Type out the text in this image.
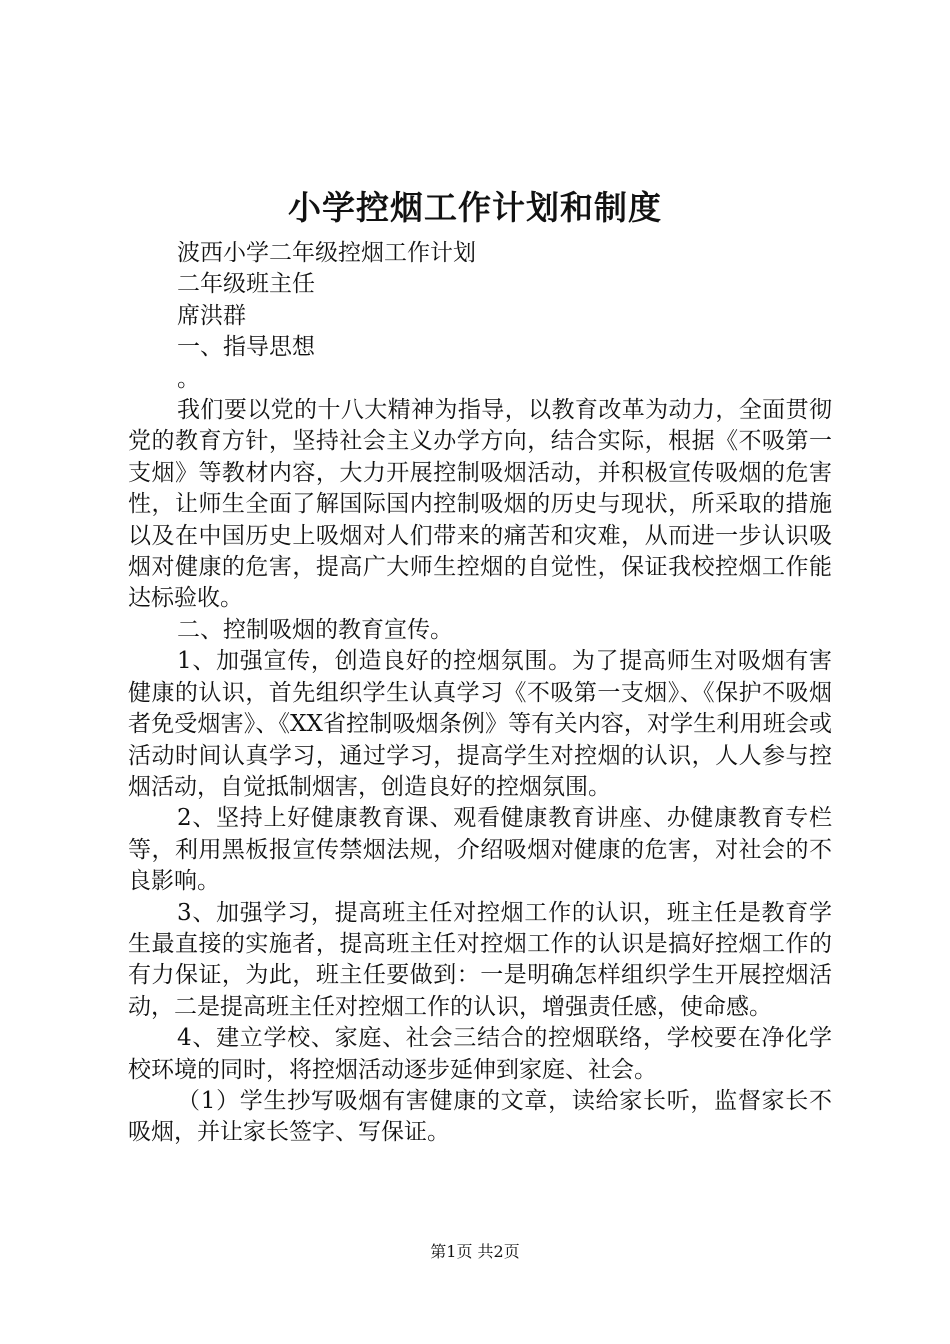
小学控烟工作计划和制度

波西小学二年级控烟工作计划

二年级班主任

席洪群

一、指导思想

。

我们要以党的十八大精神为指导，以教育改革为动力，全面贯彻党的教育方针，坚持社会主义办学方向，结合实际，根据《不吸第一支烟》等教材内容，大力开展控制吸烟活动，并积极宣传吸烟的危害性，让师生全面了解国际国内控制吸烟的历史与现状，所采取的措施以及在中国历史上吸烟对人们带来的痛苦和灾难，从而进一步认识吸烟对健康的危害，提高广大师生控烟的自觉性，保证我校控烟工作能达标验收。

二、控制吸烟的教育宣传。

1、加强宣传，创造良好的控烟氛围。为了提高师生对吸烟有害健康的认识，首先组织学生认真学习《不吸第一支烟》、《保护不吸烟者免受烟害》、《XX省控制吸烟条例》等有关内容，对学生利用班会或活动时间认真学习，通过学习，提高学生对控烟的认识，人人参与控烟活动，自觉抵制烟害，创造良好的控烟氛围。

2、坚持上好健康教育课、观看健康教育讲座、办健康教育专栏等，利用黑板报宣传禁烟法规，介绍吸烟对健康的危害，对社会的不良影响。

3、加强学习，提高班主任对控烟工作的认识，班主任是教育学生最直接的实施者，提高班主任对控烟工作的认识是搞好控烟工作的有力保证，为此，班主任要做到：一是明确怎样组织学生开展控烟活动，二是提高班主任对控烟工作的认识，增强责任感，使命感。

4、建立学校、家庭、社会三结合的控烟联络，学校要在净化学校环境的同时，将控烟活动逐步延伸到家庭、社会。

（1）学生抄写吸烟有害健康的文章，读给家长听，监督家长不吸烟，并让家长签字、写保证。

第1页 共2页
